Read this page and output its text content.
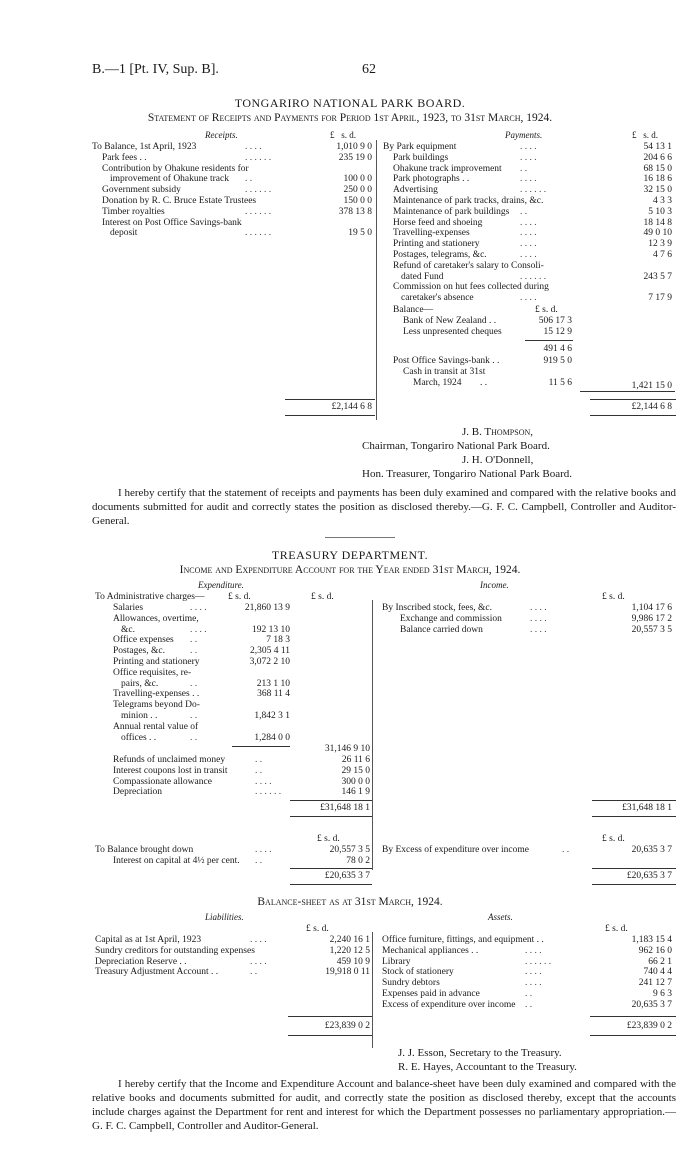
B.—1 [Pt. IV, Sup. B].	62
TONGARIRO NATIONAL PARK BOARD.
Statement of Receipts and Payments for Period 1st April, 1923, to 31st March, 1924.
Receipts.	Payments.
£ s. d.	£ s. d.
To Balance, 1st April, 1923	. . . .	1,010 9 0
Park fees . .	. . . . . .	235 19 0
Contribution by Ohakune residents for
improvement of Ohakune track . .	100 0 0
Government subsidy	. . . . . .	250 0 0
Donation by R. C. Bruce Estate Trustees	150 0 0
Timber royalties	. . . . . .	378 13 8
Interest on Post Office Savings-bank
deposit	. . . . . .	19 5 0
By Park equipment	. . . .	54 13 1
Park buildings	. . . .	204 6 6
Ohakune track improvement . .	68 15 0
Park photographs . .	. . . .	16 18 6
Advertising	. . . . . .	32 15 0
Maintenance of park tracks, drains, &c.	4 3 3
Maintenance of park buildings . .	5 10 3
Horse feed and shoeing	. . . .	18 14 8
Travelling-expenses	. . . .	49 0 10
Printing and stationery	. . . .	12 3 9
Postages, telegrams, &c.	. . . .	4 7 6
Refund of caretaker's salary to Consoli-
dated Fund	. . . . . .	243 5 7
Commission on hut fees collected during
caretaker's absence	. . . .	7 17 9
Balance—	£ s. d.
Bank of New Zealand . .	506 17 3
Less unpresented cheques	15 12 9
491 4 6
Post Office Savings-bank . .	919 5 0
Cash in transit at 31st
March, 1924 . .	11 5 6	1,421 15 0
£2,144 6 8	£2,144 6 8
J. B. Thompson,
Chairman, Tongariro National Park Board.
J. H. O'Donnell,
Hon. Treasurer, Tongariro National Park Board.
I hereby certify that the statement of receipts and payments has been duly examined and compared with the relative books and documents submitted for audit and correctly states the position as disclosed thereby.—G. F. C. Campbell, Controller and Auditor-General.
TREASURY DEPARTMENT.
Income and Expenditure Account for the Year ended 31st March, 1924.
Expenditure.	Income.
To Administrative charges— £ s. d.	£ s. d.	£ s. d.
Salaries	. . . .	21,860 13 9
Allowances, overtime,
&c.	. . . .	192 13 10
Office expenses . .	7 18 3
Postages, &c.	. .	2,305 4 11
Printing and stationery	3,072 2 10
Office requisites, re-
pairs, &c.	. .	213 1 10
Travelling-expenses . .	368 11 4
Telegrams beyond Do-
minion . .	. .	1,842 3 1
Annual rental value of
offices . .	. .	1,284 0 0
31,146 9 10
Refunds of unclaimed money	. .	26 11 6
Interest coupons lost in transit	. .	29 15 0
Compassionate allowance	. . . .	300 0 0
Depreciation	. . . . . .	146 1 9
By Inscribed stock, fees, &c.	. . . .	1,104 17 6
Exchange and commission	. . . .	9,986 17 2
Balance carried down	. . . .	20,557 3 5
£31,648 18 1	£31,648 18 1
£ s. d.	£ s. d.
To Balance brought down	. . . .	20,557 3 5
Interest on capital at 4½ per cent. . .	78 0 2
By Excess of expenditure over income	. .	20,635 3 7
£20,635 3 7	£20,635 3 7
Balance-sheet as at 31st March, 1924.
Liabilities.	Assets.
£ s. d.	£ s. d.
Capital as at 1st April, 1923	. . . .	2,240 16 1
Sundry creditors for outstanding expenses	1,220 12 5
Depreciation Reserve . .	. . . .	459 10 9
Treasury Adjustment Account . .	. .	19,918 0 11
Office furniture, fittings, and equipment . .	1,183 15 4
Mechanical appliances . .	. . . .	962 16 0
Library	. . . . . .	66 2 1
Stock of stationery	. . . .	740 4 4
Sundry debtors	. . . .	241 12 7
Expenses paid in advance	. .	9 6 3
Excess of expenditure over income . .	20,635 3 7
£23,839 0 2	£23,839 0 2
J. J. Esson, Secretary to the Treasury.
R. E. Hayes, Accountant to the Treasury.
I hereby certify that the Income and Expenditure Account and balance-sheet have been duly examined and compared with the relative books and documents submitted for audit, and correctly state the position as disclosed thereby, except that the accounts include charges against the Department for rent and interest for which the Department possesses no parliamentary appropriation.— G. F. C. Campbell, Controller and Auditor-General.
